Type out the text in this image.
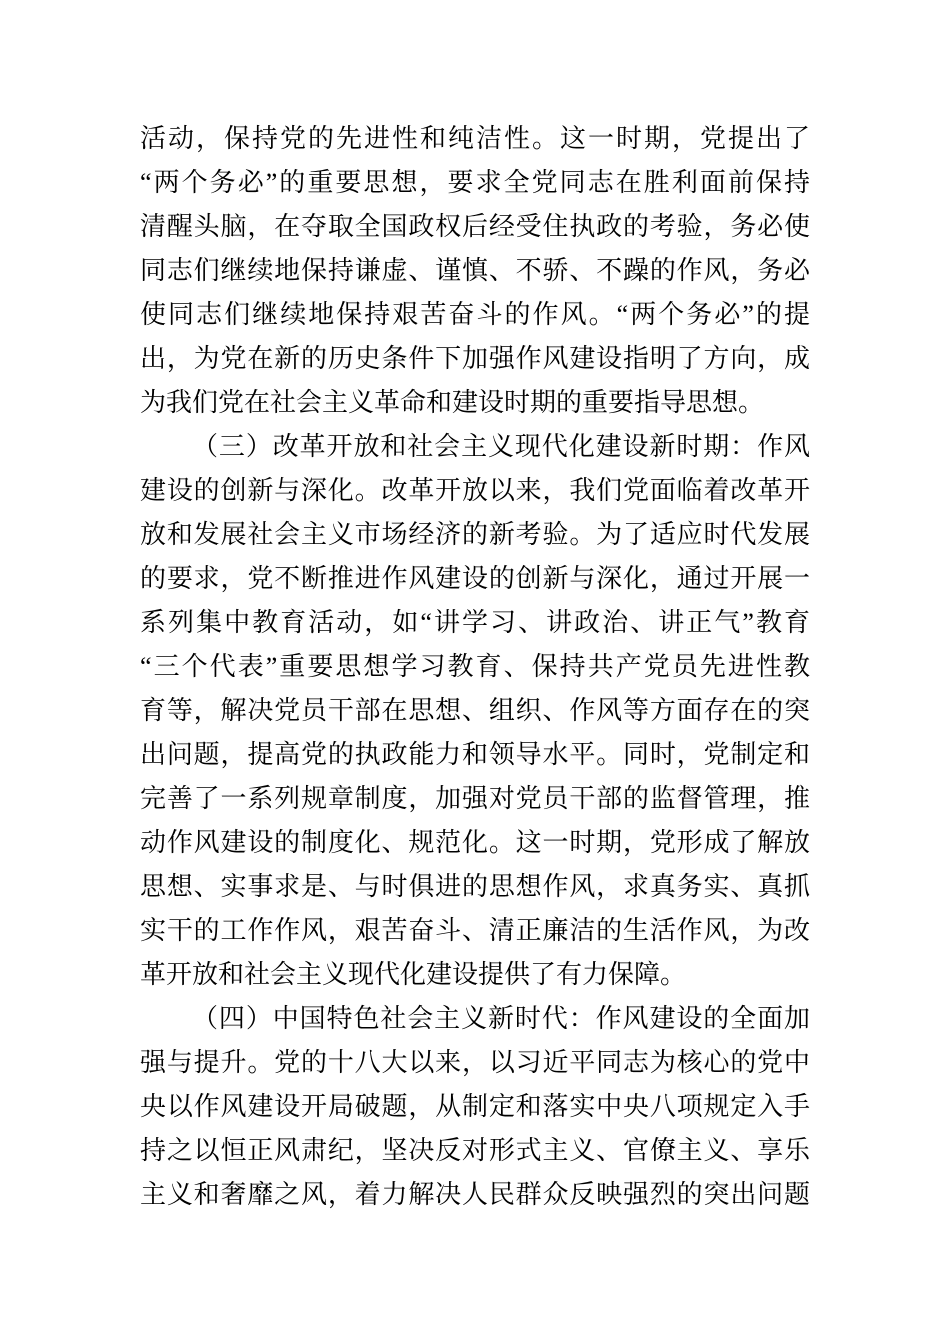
活动，保持党的先进性和纯洁性。这一时期，党提出了
“两个务必”的重要思想，要求全党同志在胜利面前保持
清醒头脑，在夺取全国政权后经受住执政的考验，务必使
同志们继续地保持谦虚、谨慎、不骄、不躁的作风，务必
使同志们继续地保持艰苦奋斗的作风。“两个务必”的提
出，为党在新的历史条件下加强作风建设指明了方向，成
为我们党在社会主义革命和建设时期的重要指导思想。
（三）改革开放和社会主义现代化建设新时期：作风
建设的创新与深化。改革开放以来，我们党面临着改革开
放和发展社会主义市场经济的新考验。为了适应时代发展
的要求，党不断推进作风建设的创新与深化，通过开展一
系列集中教育活动，如“讲学习、讲政治、讲正气”教育
“三个代表”重要思想学习教育、保持共产党员先进性教
育等，解决党员干部在思想、组织、作风等方面存在的突
出问题，提高党的执政能力和领导水平。同时，党制定和
完善了一系列规章制度，加强对党员干部的监督管理，推
动作风建设的制度化、规范化。这一时期，党形成了解放
思想、实事求是、与时俱进的思想作风，求真务实、真抓
实干的工作作风，艰苦奋斗、清正廉洁的生活作风，为改
革开放和社会主义现代化建设提供了有力保障。
（四）中国特色社会主义新时代：作风建设的全面加
强与提升。党的十八大以来，以习近平同志为核心的党中
央以作风建设开局破题，从制定和落实中央八项规定入手
持之以恒正风肃纪，坚决反对形式主义、官僚主义、享乐
主义和奢靡之风，着力解决人民群众反映强烈的突出问题
